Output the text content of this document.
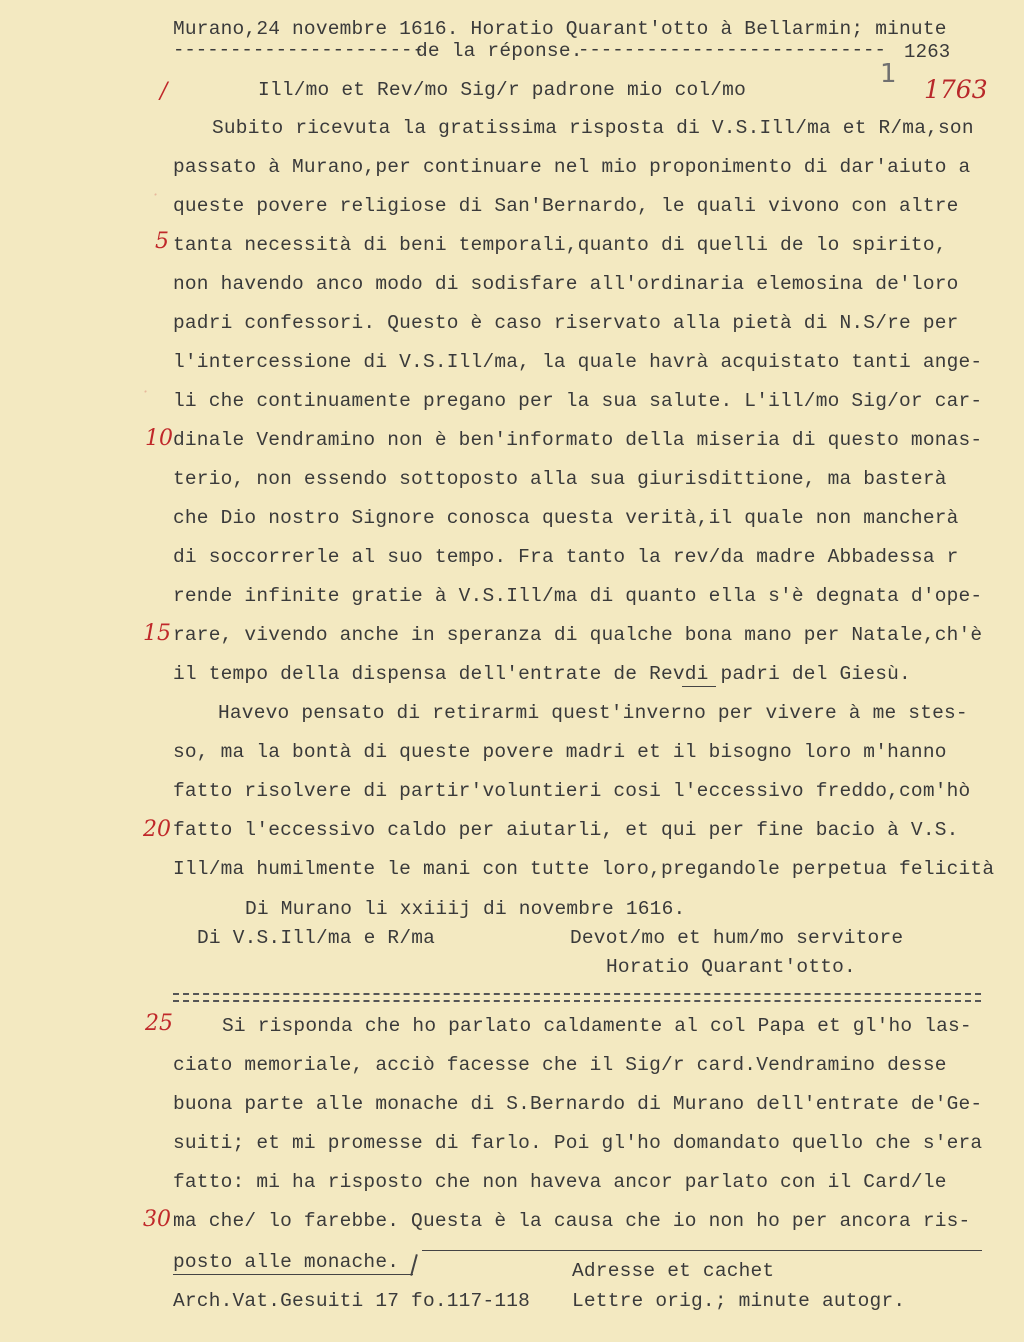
Murano,24 novembre 1616. Horatio Quarant'otto à Bellarmin; minute
----------------------
de la réponse.
--------------------------- 1263
1
1763
/
·
5
·
10
15
20
25
30
Ill/mo et Rev/mo Sig/r padrone mio col/mo
Subito ricevuta la gratissima risposta di V.S.Ill/ma et R/ma,son
passato à Murano,per continuare nel mio proponimento di dar'aiuto a
queste povere religiose di San'Bernardo, le quali vivono con altre
tanta necessità di beni temporali,quanto di quelli de lo spirito,
non havendo anco modo di sodisfare all'ordinaria elemosina de'loro
padri confessori. Questo è caso riservato alla pietà di N.S/re per
l'intercessione di V.S.Ill/ma, la quale havrà acquistato tanti ange-
li che continuamente pregano per la sua salute. L'ill/mo Sig/or car-
dinale Vendramino non è ben'informato della miseria di questo monas-
terio, non essendo sottoposto alla sua giurisdittione, ma basterà
che Dio nostro Signore conosca questa verità,il quale non mancherà
di soccorrerle al suo tempo. Fra tanto la rev/da madre Abbadessa r
rende infinite gratie à V.S.Ill/ma di quanto ella s'è degnata d'ope-
rare, vivendo anche in speranza di qualche bona mano per Natale,ch'è
il tempo della dispensa dell'entrate de Revdi padri del Giesù.
Havevo pensato di retirarmi quest'inverno per vivere à me stes-
so, ma la bontà di queste povere madri et il bisogno loro m'hanno
fatto risolvere di partir'voluntieri cosi l'eccessivo freddo,com'hò
fatto l'eccessivo caldo per aiutarli, et qui per fine bacio à V.S.
Ill/ma humilmente le mani con tutte loro,pregandole perpetua felicità
Di Murano li xxiiij di novembre 1616.
Di V.S.Ill/ma e R/ma	Devot/mo et hum/mo servitore
Horatio Quarant'otto.
Si risponda che ho parlato caldamente al col Papa et gl'ho las-
ciato memoriale, acciò facesse che il Sig/r card.Vendramino desse
buona parte alle monache di S.Bernardo di Murano dell'entrate de'Ge-
suiti; et mi promesse di farlo. Poi gl'ho domandato quello che s'era
fatto: mi ha risposto che non haveva ancor parlato con il Card/le
ma che/ lo farebbe. Questa è la causa che io non ho per ancora ris-
posto alle monache.	Adresse et cachet
Arch.Vat.Gesuiti 17 fo.117-118 Lettre orig.; minute autogr.
